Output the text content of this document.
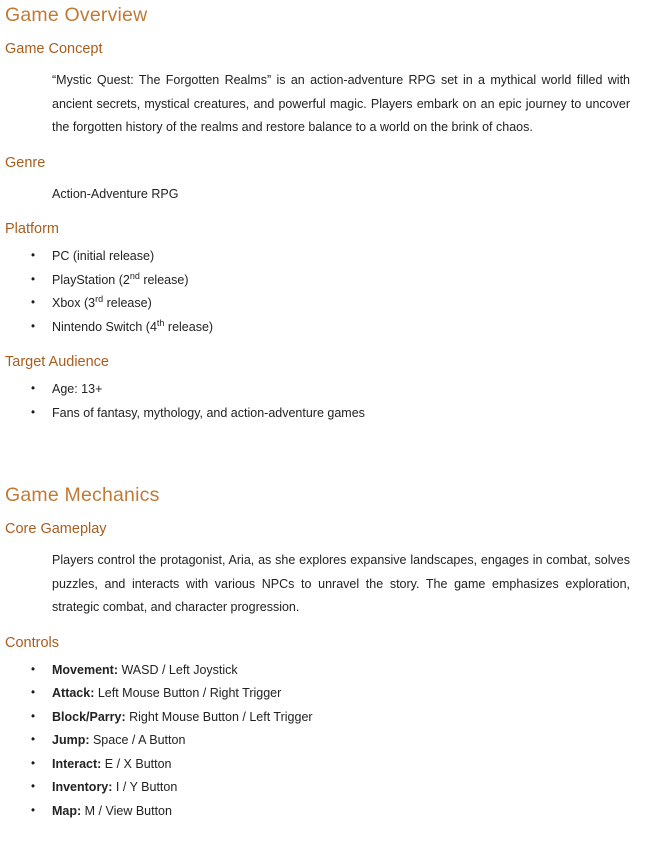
Game Overview
Game Concept

“Mystic Quest: The Forgotten Realms” is an action-adventure RPG set in a mythical world filled with ancient secrets, mystical creatures, and powerful magic. Players embark on an epic journey to uncover the forgotten history of the realms and restore balance to a world on the brink of chaos.

Genre

Action-Adventure RPG

Platform
• PC (initial release)
• PlayStation (2nd release)
• Xbox (3rd release)
• Nintendo Switch (4th release)
Target Audience
• Age: 13+
• Fans of fantasy, mythology, and action-adventure games
Game Mechanics
Core Gameplay

Players control the protagonist, Aria, as she explores expansive landscapes, engages in combat, solves puzzles, and interacts with various NPCs to unravel the story. The game emphasizes exploration, strategic combat, and character progression.

Controls
• Movement: WASD / Left Joystick
• Attack: Left Mouse Button / Right Trigger
• Block/Parry: Right Mouse Button / Left Trigger
• Jump: Space / A Button
• Interact: E / X Button
• Inventory: I / Y Button
• Map: M / View Button
